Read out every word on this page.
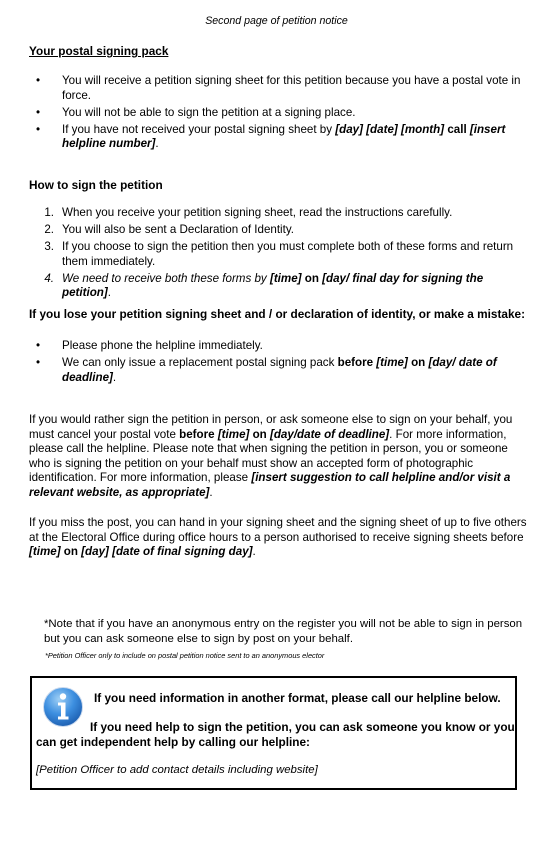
Second page of petition notice
Your postal signing pack
• You will receive a petition signing sheet for this petition because you have a postal vote in force.
• You will not be able to sign the petition at a signing place.
• If you have not received your postal signing sheet by [day] [date] [month] call [insert helpline number].
How to sign the petition
1. When you receive your petition signing sheet, read the instructions carefully.
2. You will also be sent a Declaration of Identity.
3. If you choose to sign the petition then you must complete both of these forms and return them immediately.
4. We need to receive both these forms by [time] on [day/ final day for signing the petition].
If you lose your petition signing sheet and / or declaration of identity, or make a mistake:
• Please phone the helpline immediately.
• We can only issue a replacement postal signing pack before [time] on [day/ date of deadline].
If you would rather sign the petition in person, or ask someone else to sign on your behalf, you must cancel your postal vote before [time] on [day/date of deadline]. For more information, please call the helpline. Please note that when signing the petition in person, you or someone who is signing the petition on your behalf must show an accepted form of photographic identification. For more information, please [insert suggestion to call helpline and/or visit a relevant website, as appropriate].
If you miss the post, you can hand in your signing sheet and the signing sheet of up to five others at the Electoral Office during office hours to a person authorised to receive signing sheets before [time] on [day] [date of final signing day].
*Note that if you have an anonymous entry on the register you will not be able to sign in person but you can ask someone else to sign by post on your behalf.
*Petition Officer only to include on postal petition notice sent to an anonymous elector
If you need information in another format, please call our helpline below.
If you need help to sign the petition, you can ask someone you know or you
can get independent help by calling our helpline:
[Petition Officer to add contact details including website]
